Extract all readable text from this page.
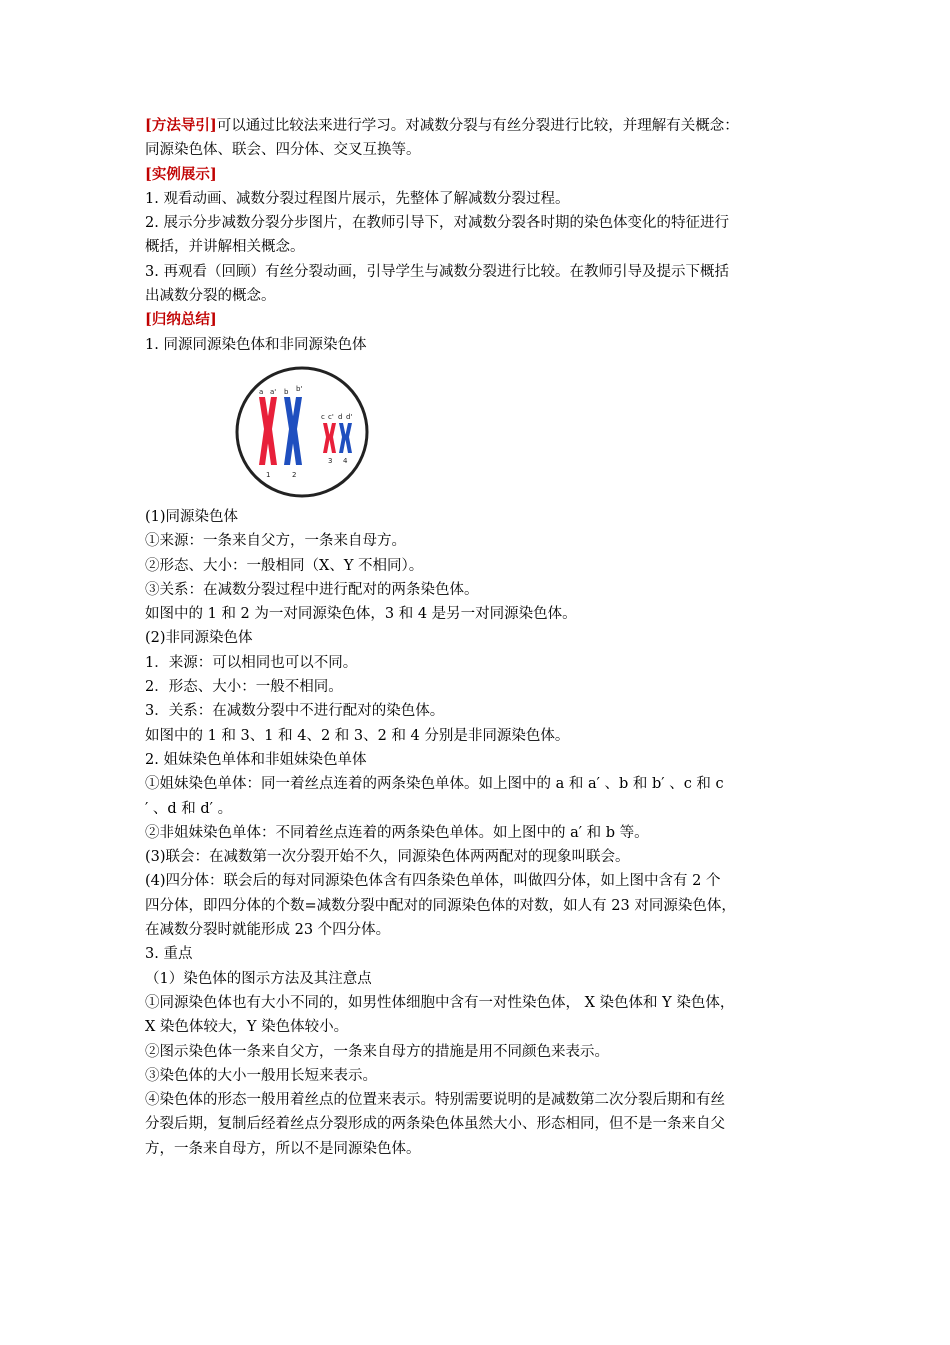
[方法导引]可以通过比较法来进行学习。对减数分裂与有丝分裂进行比较，并理解有关概念：
同源染色体、联会、四分体、交叉互换等。
[实例展示]
1. 观看动画、减数分裂过程图片展示，先整体了解减数分裂过程。
2. 展示分步减数分裂分步图片，在教师引导下，对减数分裂各时期的染色体变化的特征进行
概括，并讲解相关概念。
3. 再观看（回顾）有丝分裂动画，引导学生与减数分裂进行比较。在教师引导及提示下概括
出减数分裂的概念。
[归纳总结]
1. 同源同源染色体和非同源染色体
a a' b b'
c c' d d'
1	2
3 4
(1)同源染色体
①来源：一条来自父方，一条来自母方。
②形态、大小：一般相同（X、Y 不相同）。
③关系：在减数分裂过程中进行配对的两条染色体。
如图中的 1 和 2 为一对同源染色体，3 和 4 是另一对同源染色体。
(2)非同源染色体
1．来源：可以相同也可以不同。
2．形态、大小：一般不相同。
3．关系：在减数分裂中不进行配对的染色体。
如图中的 1 和 3、1 和 4、2 和 3、2 和 4 分别是非同源染色体。
2. 姐妹染色单体和非姐妹染色单体
①姐妹染色单体：同一着丝点连着的两条染色单体。如上图中的 a 和 a′ 、b 和 b′ 、c 和 c
′ 、d 和 d′ 。
②非姐妹染色单体：不同着丝点连着的两条染色单体。如上图中的 a′ 和 b 等。
(3)联会：在减数第一次分裂开始不久，同源染色体两两配对的现象叫联会。
(4)四分体：联会后的每对同源染色体含有四条染色单体，叫做四分体，如上图中含有 2 个
四分体，即四分体的个数=减数分裂中配对的同源染色体的对数，如人有 23 对同源染色体，
在减数分裂时就能形成 23 个四分体。
3. 重点
（1）染色体的图示方法及其注意点
①同源染色体也有大小不同的，如男性体细胞中含有一对性染色体， X 染色体和 Y 染色体，
X 染色体较大，Y 染色体较小。
②图示染色体一条来自父方，一条来自母方的措施是用不同颜色来表示。
③染色体的大小一般用长短来表示。
④染色体的形态一般用着丝点的位置来表示。特别需要说明的是减数第二次分裂后期和有丝
分裂后期，复制后经着丝点分裂形成的两条染色体虽然大小、形态相同，但不是一条来自父
方，一条来自母方，所以不是同源染色体。
